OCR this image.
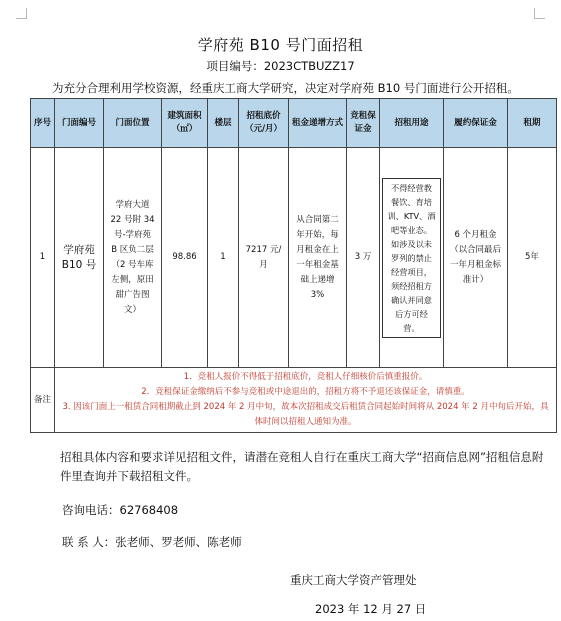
学府苑 B10 号门面招租
项目编号：2023CTBUZZ17
为充分合理利用学校资源，经重庆工商大学研究，决定对学府苑 B10 号门面进行公开招租。
序号	门面编号	门面位置	建筑面积（㎡）	楼层	招租底价（元/月）	租金递增方式	竞租保证金	招租用途	履约保证金	租期
1	学府苑 B10 号	学府大道 22 号附 34 号-学府苑 B 区负二层（2 号车库左侧，原田甜广告图文）	98.86	1	7217 元/月	从合同第二年开始，每月租金在上一年租金基础上递增 3%	3 万	不得经营教餐饮、育培训、KTV、酒吧等业态。如涉及以未罗列的禁止经营项目，须经招租方确认并同意后方可经营。	6 个月租金（以合同最后一年月租金标准计）	5年
备注	1．竞租人报价不得低于招租底价，竞租人仔细核价后慎重报价。
2．竞租保证金缴纳后不参与竞租或中途退出的，招租方将不予退还该保证金，请慎重。
3. 因该门面上一租赁合同租期截止到 2024 年 2 月中旬，故本次招租成交后租赁合同起始时间将从 2024 年 2 月中旬后开始，具体时间以招租人通知为准。									
招租具体内容和要求详见招租文件，请潜在竞租人自行在重庆工商大学“招商信息网”招租信息附件里查询并下载招租文件。
咨询电话：62768408
联 系 人：张老师、罗老师、陈老师
重庆工商大学资产管理处
2023 年 12 月 27 日
